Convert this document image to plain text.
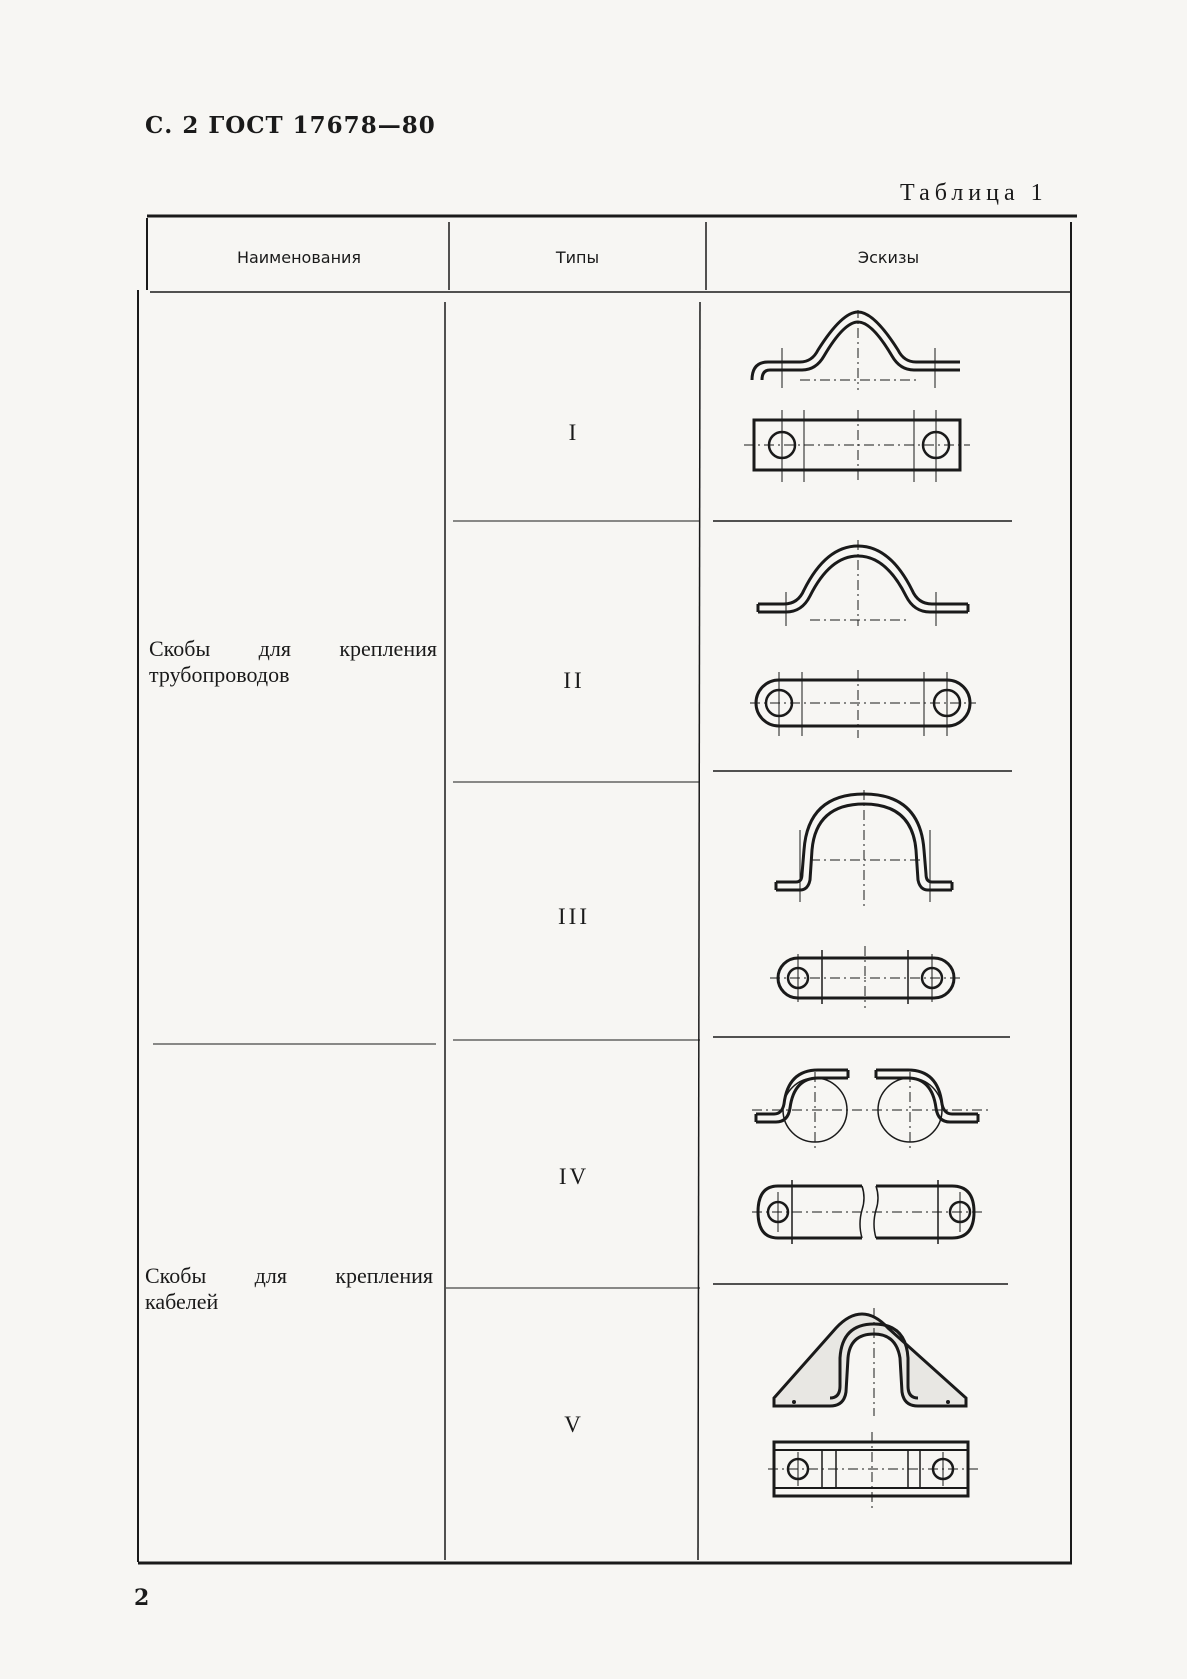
С. 2 ГОСТ 17678—80
Таблица 1
Наименования	Типы	Эскизы
Скобы для крепления
трубопроводов
Скобы для крепления
кабелей
I
II
III
IV
V
2
